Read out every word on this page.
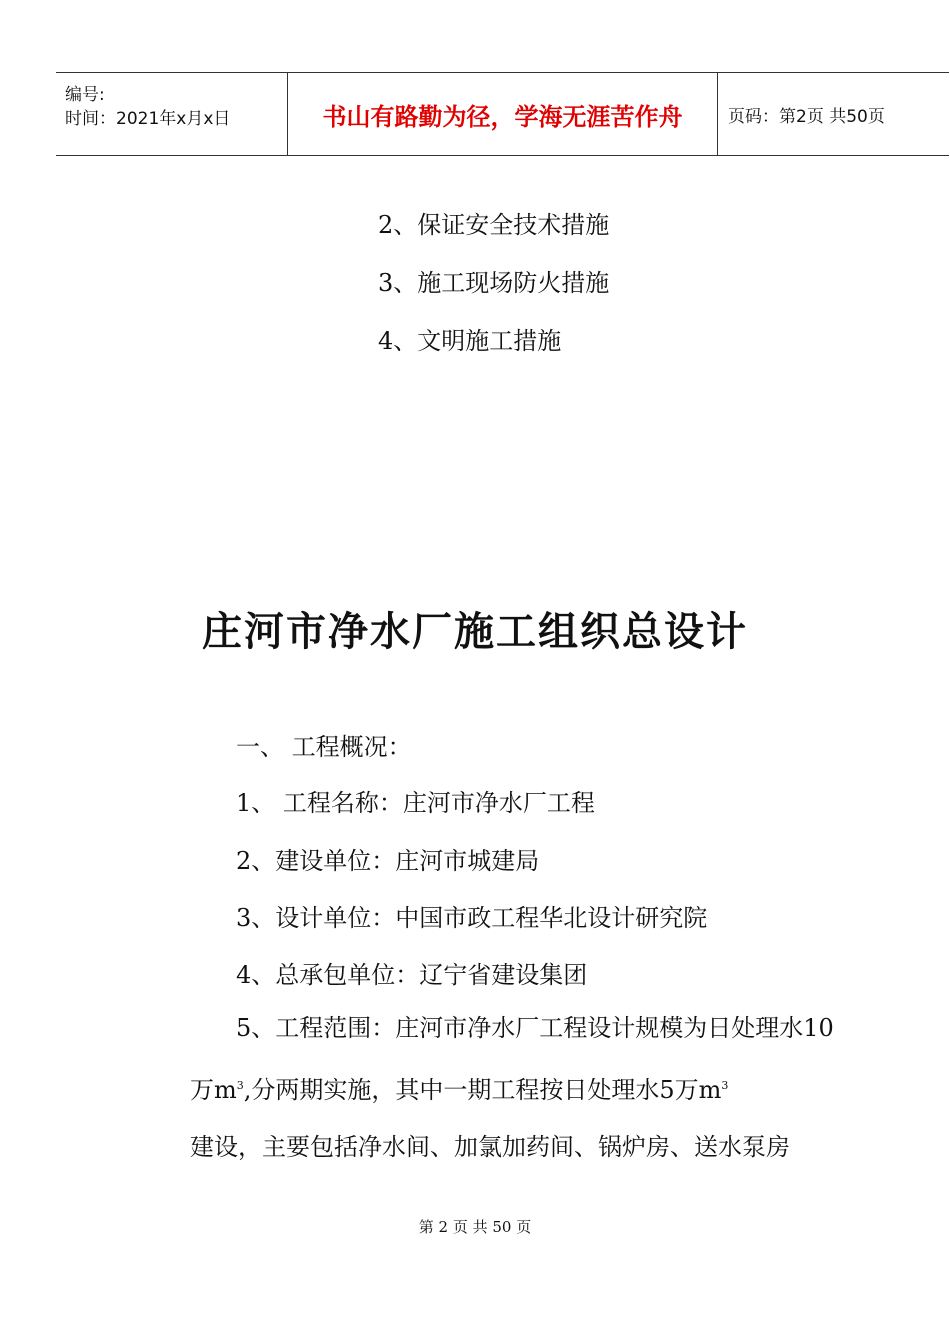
编号:
时间：2021年x月x日	书山有路勤为径，学海无涯苦作舟	页码：第2页 共50页
2、保证安全技术措施
3、施工现场防火措施
4、文明施工措施
庄河市净水厂施工组织总设计
一、 工程概况：
1、 工程名称：庄河市净水厂工程
2、建设单位：庄河市城建局
3、设计单位：中国市政工程华北设计研究院
4、总承包单位：辽宁省建设集团
5、工程范围：庄河市净水厂工程设计规模为日处理水10万$m^3$,分两期实施，其中一期工程按日处理水5万$m^3$
建设，主要包括净水间、加氯加药间、锅炉房、送水泵房
第 2 页 共 50 页
